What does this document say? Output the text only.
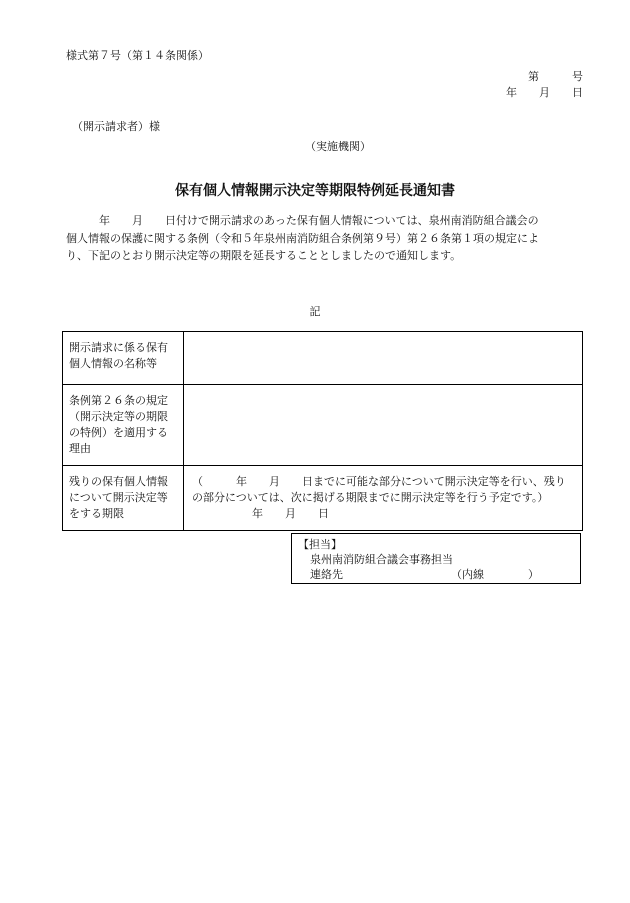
様式第７号（第１４条関係）
第　　　号
年　　月　　日
（開示請求者）様
（実施機関）
保有個人情報開示決定等期限特例延長通知書

　　　年　　月　　日付けで開示請求のあった保有個人情報については、泉州南消防組合議会の

個人情報の保護に関する条例（令和５年泉州南消防組合条例第９号）第２６条第１項の規定によ

り、下記のとおり開示決定等の期限を延長することとしましたので通知します。

記
開示請求に係る保有個人情報の名称等	
条例第２６条の規定（開示決定等の期限の特例）を適用する理由	
残りの保有個人情報について開示決定等をする期限	（　　　年　　月　　日までに可能な部分について開示決定等を行い、残りの部分については、次に掲げる期限までに開示決定等を行う予定です。）
年　　月　　日
【担当】
泉州南消防組合議会事務担当
連絡先	（内線　　　　）
